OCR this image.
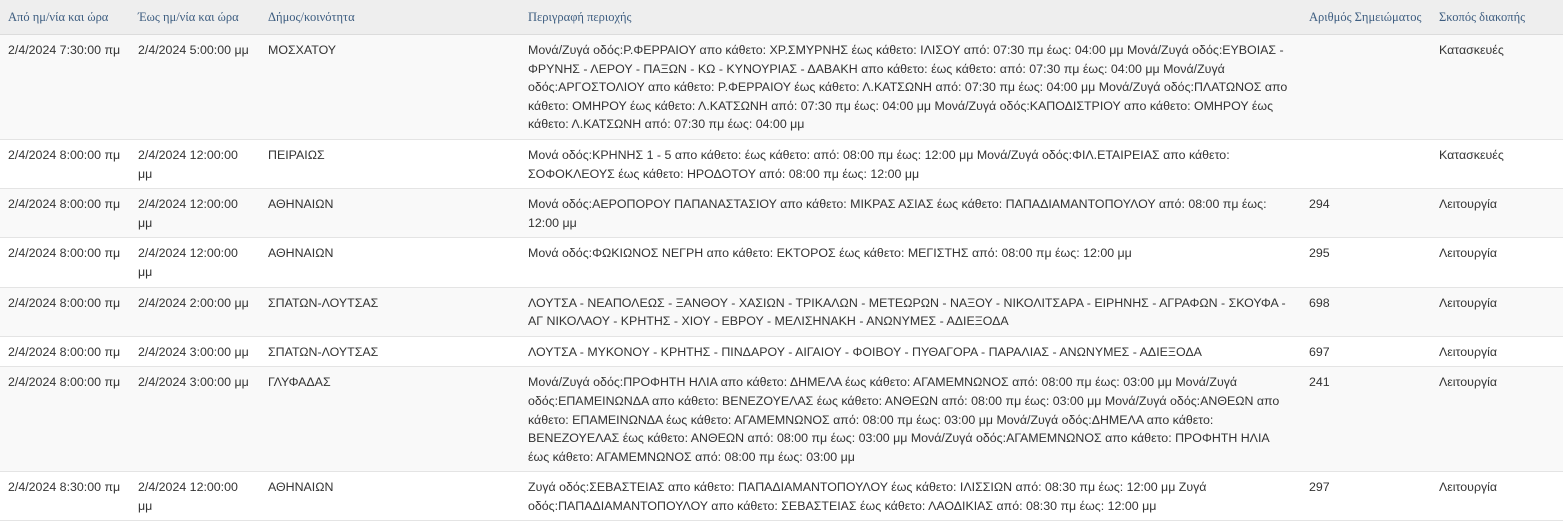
Από ημ/νία και ώρα	Έως ημ/νία και ώρα	Δήμος/κοινότητα	Περιγραφή περιοχής	Αριθμός Σημειώματος	Σκοπός διακοπής
2/4/2024 7:30:00 πμ	2/4/2024 5:00:00 μμ	ΜΟΣΧΑΤΟΥ	Μονά/Ζυγά οδός:Ρ.ΦΕΡΡΑΙΟΥ απο κάθετο: ΧΡ.ΣΜΥΡΝΗΣ έως κάθετο: ΙΛΙΣΟΥ από: 07:30 πμ έως: 04:00 μμ Μονά/Ζυγά οδός:ΕΥΒΟΙΑΣ - ΦΡΥΝΗΣ - ΛΕΡΟΥ - ΠΑΞΩΝ - ΚΩ - ΚΥΝΟΥΡΙΑΣ - ΔΑΒΑΚΗ απο κάθετο: έως κάθετο: από: 07:30 πμ έως: 04:00 μμ Μονά/Ζυγά οδός:ΑΡΓΟΣΤΟΛΙΟΥ απο κάθετο: Ρ.ΦΕΡΡΑΙΟΥ έως κάθετο: Λ.ΚΑΤΣΩΝΗ από: 07:30 πμ έως: 04:00 μμ Μονά/Ζυγά οδός:ΠΛΑΤΩΝΟΣ απο κάθετο: ΟΜΗΡΟΥ έως κάθετο: Λ.ΚΑΤΣΩΝΗ από: 07:30 πμ έως: 04:00 μμ Μονά/Ζυγά οδός:ΚΑΠΟΔΙΣΤΡΙΟΥ απο κάθετο: ΟΜΗΡΟΥ έως κάθετο: Λ.ΚΑΤΣΩΝΗ από: 07:30 πμ έως: 04:00 μμ		Κατασκευές
2/4/2024 8:00:00 πμ	2/4/2024 12:00:00 μμ	ΠΕΙΡΑΙΩΣ	Μονά οδός:ΚΡΗΝΗΣ 1 - 5 απο κάθετο: έως κάθετο: από: 08:00 πμ έως: 12:00 μμ Μονά/Ζυγά οδός:ΦΙΛ.ΕΤΑΙΡΕΙΑΣ απο κάθετο: ΣΟΦΟΚΛΕΟΥΣ έως κάθετο: ΗΡΟΔΟΤΟΥ από: 08:00 πμ έως: 12:00 μμ		Κατασκευές
2/4/2024 8:00:00 πμ	2/4/2024 12:00:00 μμ	ΑΘΗΝΑΙΩΝ	Μονά οδός:ΑΕΡΟΠΟΡΟΥ ΠΑΠΑΝΑΣΤΑΣΙΟΥ απο κάθετο: ΜΙΚΡΑΣ ΑΣΙΑΣ έως κάθετο: ΠΑΠΑΔΙΑΜΑΝΤΟΠΟΥΛΟΥ από: 08:00 πμ έως: 12:00 μμ	294	Λειτουργία
2/4/2024 8:00:00 πμ	2/4/2024 12:00:00 μμ	ΑΘΗΝΑΙΩΝ	Μονά οδός:ΦΩΚΙΩΝΟΣ ΝΕΓΡΗ απο κάθετο: ΕΚΤΟΡΟΣ έως κάθετο: ΜΕΓΙΣΤΗΣ από: 08:00 πμ έως: 12:00 μμ	295	Λειτουργία
2/4/2024 8:00:00 πμ	2/4/2024 2:00:00 μμ	ΣΠΑΤΩΝ-ΛΟΥΤΣΑΣ	ΛΟΥΤΣΑ - ΝΕΑΠΟΛΕΩΣ - ΞΑΝΘΟΥ - ΧΑΣΙΩΝ - ΤΡΙΚΑΛΩΝ - ΜΕΤΕΩΡΩΝ - ΝΑΞΟΥ - ΝΙΚΟΛΙΤΣΑΡΑ - ΕΙΡΗΝΗΣ - ΑΓΡΑΦΩΝ - ΣΚΟΥΦΑ - ΑΓ ΝΙΚΟΛΑΟΥ - ΚΡΗΤΗΣ - ΧΙΟΥ - ΕΒΡΟΥ - ΜΕΛΙΣΗΝΑΚΗ - ΑΝΩΝΥΜΕΣ - ΑΔΙΕΞΟΔΑ	698	Λειτουργία
2/4/2024 8:00:00 πμ	2/4/2024 3:00:00 μμ	ΣΠΑΤΩΝ-ΛΟΥΤΣΑΣ	ΛΟΥΤΣΑ - ΜΥΚΟΝΟΥ - ΚΡΗΤΗΣ - ΠΙΝΔΑΡΟΥ - ΑΙΓΑΙΟΥ - ΦΟΙΒΟΥ - ΠΥΘΑΓΟΡΑ - ΠΑΡΑΛΙΑΣ - ΑΝΩΝΥΜΕΣ - ΑΔΙΕΞΟΔΑ	697	Λειτουργία
2/4/2024 8:00:00 πμ	2/4/2024 3:00:00 μμ	ΓΛΥΦΑΔΑΣ	Μονά/Ζυγά οδός:ΠΡΟΦΗΤΗ ΗΛΙΑ απο κάθετο: ΔΗΜΕΛΑ έως κάθετο: ΑΓΑΜΕΜΝΩΝΟΣ από: 08:00 πμ έως: 03:00 μμ Μονά/Ζυγά οδός:ΕΠΑΜΕΙΝΩΝΔΑ απο κάθετο: ΒΕΝΕΖΟΥΕΛΑΣ έως κάθετο: ΑΝΘΕΩΝ από: 08:00 πμ έως: 03:00 μμ Μονά/Ζυγά οδός:ΑΝΘΕΩΝ απο κάθετο: ΕΠΑΜΕΙΝΩΝΔΑ έως κάθετο: ΑΓΑΜΕΜΝΩΝΟΣ από: 08:00 πμ έως: 03:00 μμ Μονά/Ζυγά οδός:ΔΗΜΕΛΑ απο κάθετο: ΒΕΝΕΖΟΥΕΛΑΣ έως κάθετο: ΑΝΘΕΩΝ από: 08:00 πμ έως: 03:00 μμ Μονά/Ζυγά οδός:ΑΓΑΜΕΜΝΩΝΟΣ απο κάθετο: ΠΡΟΦΗΤΗ ΗΛΙΑ έως κάθετο: ΑΓΑΜΕΜΝΩΝΟΣ από: 08:00 πμ έως: 03:00 μμ	241	Λειτουργία
2/4/2024 8:30:00 πμ	2/4/2024 12:00:00 μμ	ΑΘΗΝΑΙΩΝ	Ζυγά οδός:ΣΕΒΑΣΤΕΙΑΣ απο κάθετο: ΠΑΠΑΔΙΑΜΑΝΤΟΠΟΥΛΟΥ έως κάθετο: ΙΛΙΣΣΙΩΝ από: 08:30 πμ έως: 12:00 μμ Ζυγά οδός:ΠΑΠΑΔΙΑΜΑΝΤΟΠΟΥΛΟΥ απο κάθετο: ΣΕΒΑΣΤΕΙΑΣ έως κάθετο: ΛΑΟΔΙΚΙΑΣ από: 08:30 πμ έως: 12:00 μμ	297	Λειτουργία
